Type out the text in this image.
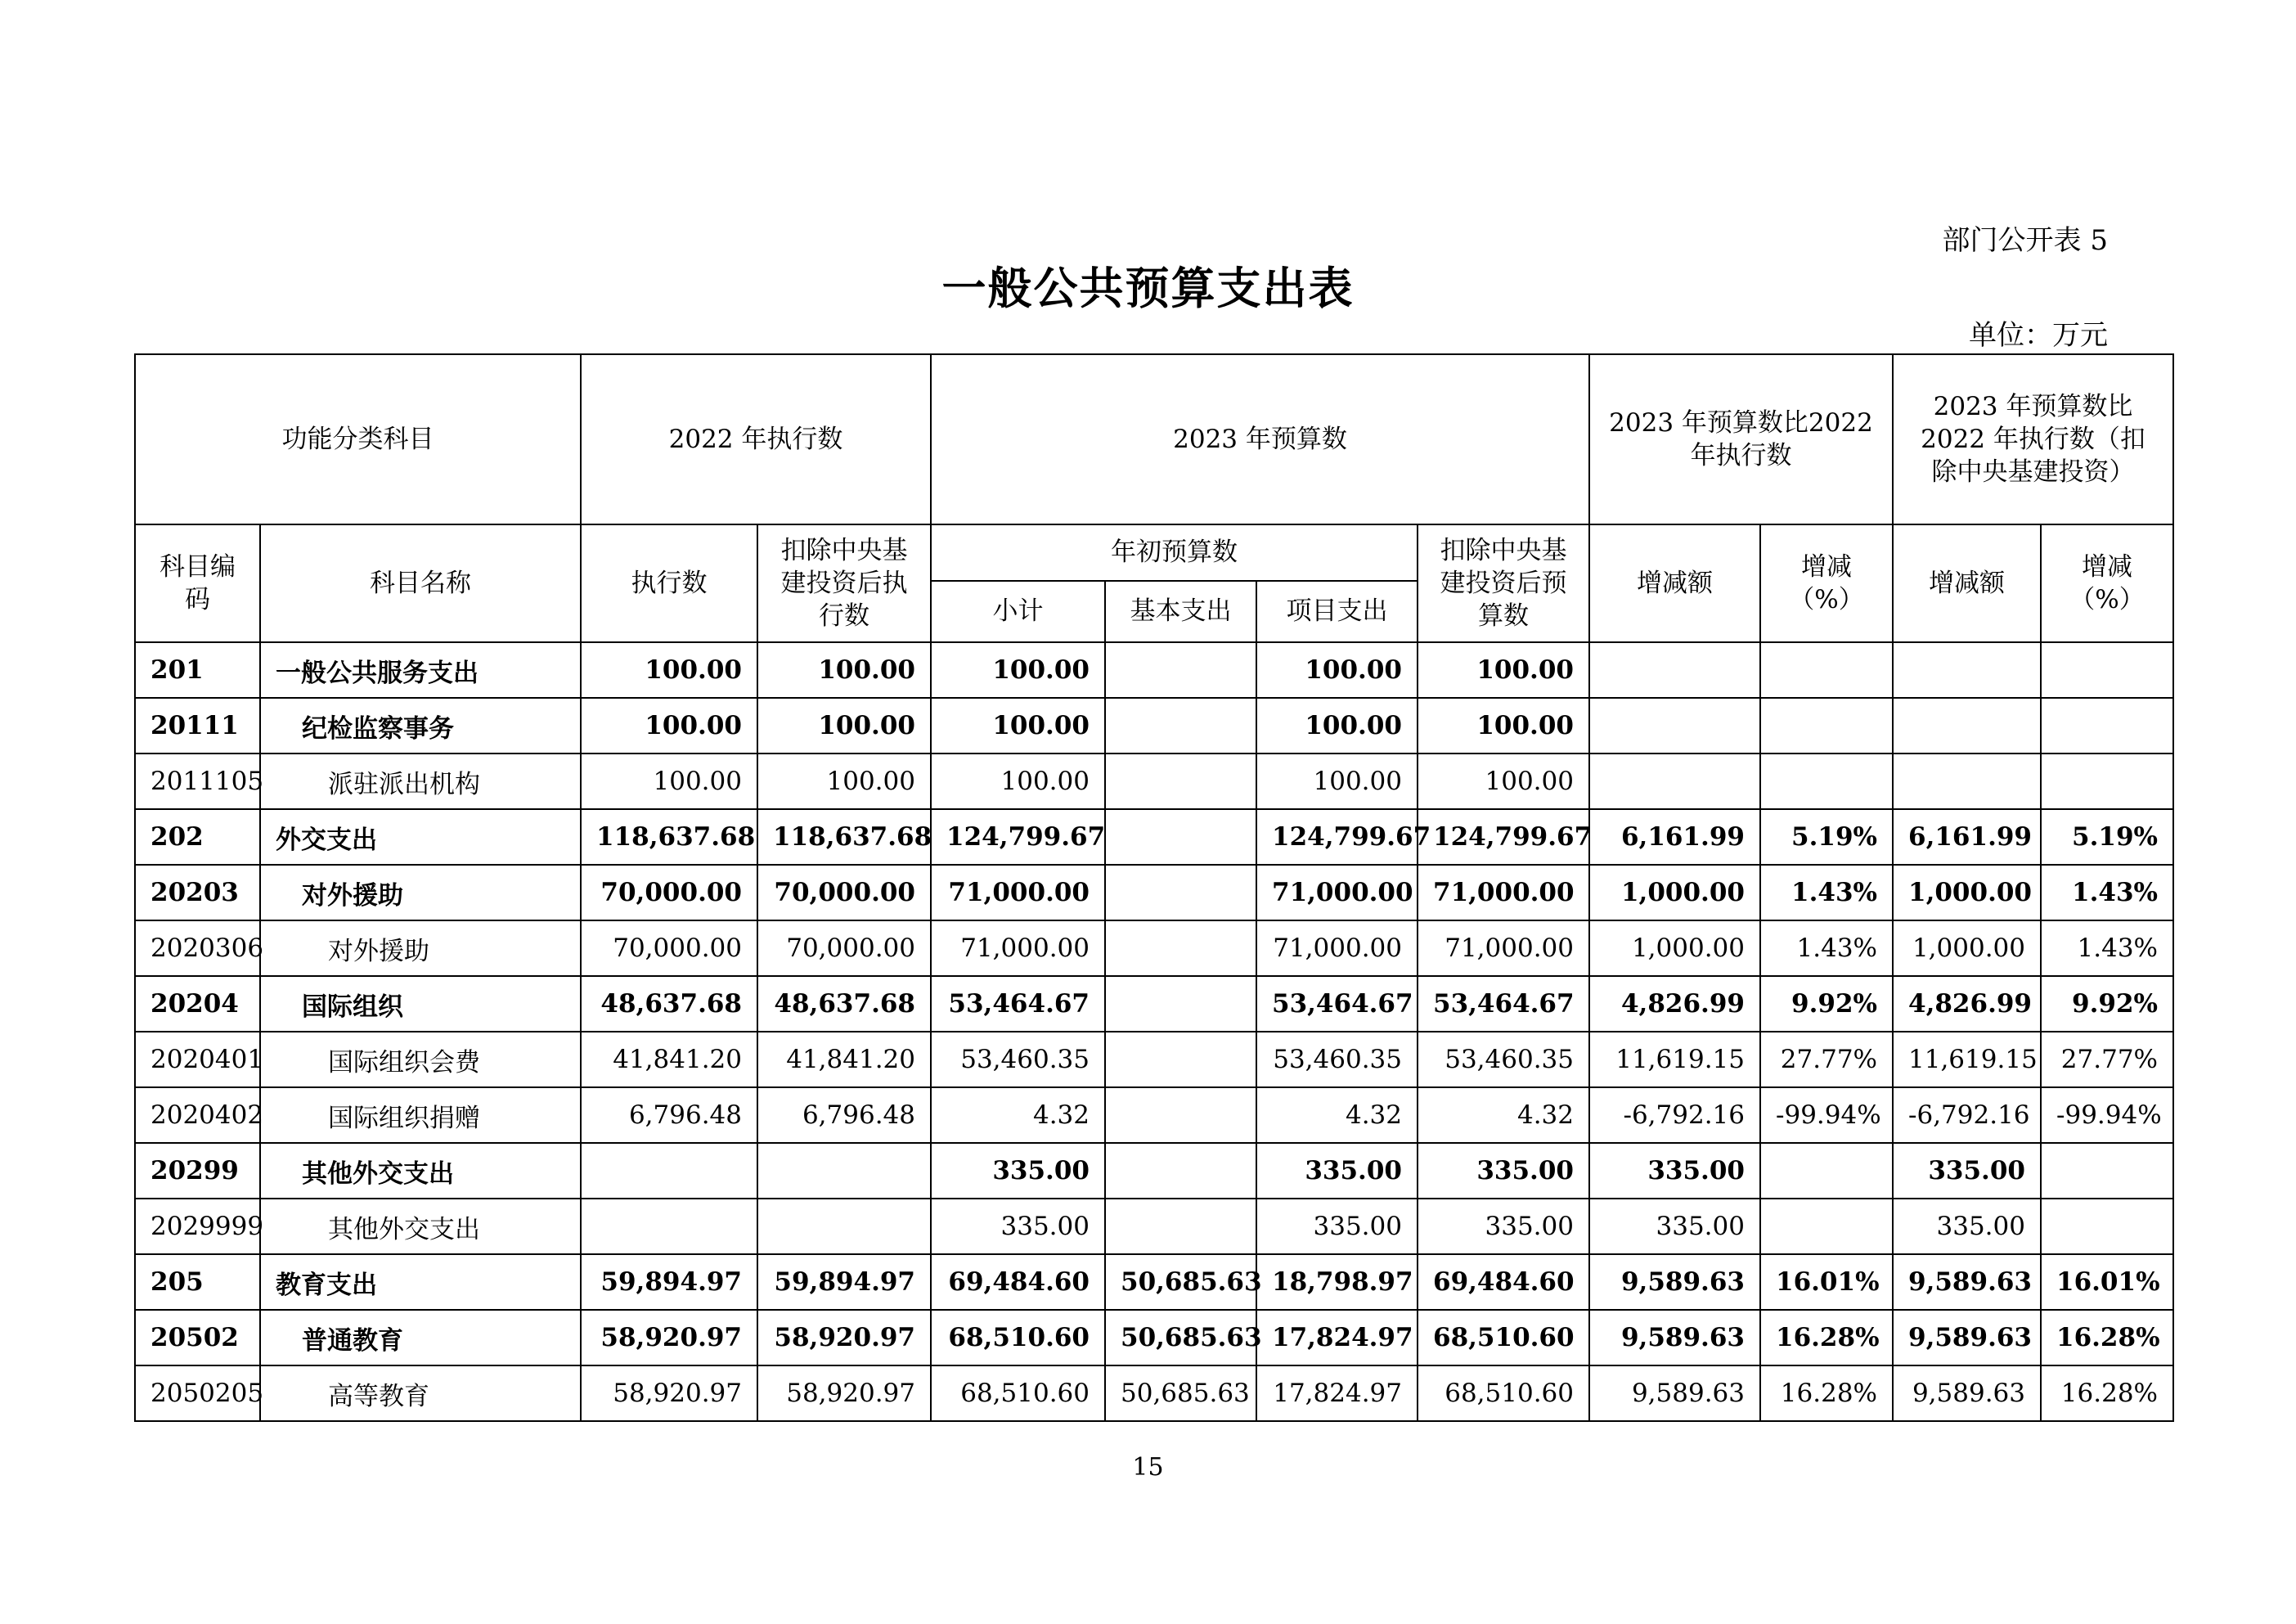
部门公开表 5
一般公共预算支出表
单位：万元
功能分类科目		2022 年执行数		2023 年预算数				2023 年预算数比2022 年执行数		2023 年预算数比2022 年执行数（扣除中央基建投资）	
科目编码	科目名称	执行数	扣除中央基建投资后执行数	年初预算数			扣除中央基建投资后预算数	增减额	增减（%）	增减额	增减（%）
				小计	基本支出	项目支出					
201	一般公共服务支出	100.00	100.00	100.00		100.00	100.00				
20111	纪检监察事务	100.00	100.00	100.00		100.00	100.00				
2011105	派驻派出机构	100.00	100.00	100.00		100.00	100.00				
202	外交支出	118,637.68	118,637.68	124,799.67		124,799.67	124,799.67	6,161.99	5.19%	6,161.99	5.19%
20203	对外援助	70,000.00	70,000.00	71,000.00		71,000.00	71,000.00	1,000.00	1.43%	1,000.00	1.43%
2020306	对外援助	70,000.00	70,000.00	71,000.00		71,000.00	71,000.00	1,000.00	1.43%	1,000.00	1.43%
20204	国际组织	48,637.68	48,637.68	53,464.67		53,464.67	53,464.67	4,826.99	9.92%	4,826.99	9.92%
2020401	国际组织会费	41,841.20	41,841.20	53,460.35		53,460.35	53,460.35	11,619.15	27.77%	11,619.15	27.77%
2020402	国际组织捐赠	6,796.48	6,796.48	4.32		4.32	4.32	-6,792.16	-99.94%	-6,792.16	-99.94%
20299	其他外交支出			335.00		335.00	335.00	335.00		335.00	
2029999	其他外交支出			335.00		335.00	335.00	335.00		335.00	
205	教育支出	59,894.97	59,894.97	69,484.60	50,685.63	18,798.97	69,484.60	9,589.63	16.01%	9,589.63	16.01%
20502	普通教育	58,920.97	58,920.97	68,510.60	50,685.63	17,824.97	68,510.60	9,589.63	16.28%	9,589.63	16.28%
2050205	高等教育	58,920.97	58,920.97	68,510.60	50,685.63	17,824.97	68,510.60	9,589.63	16.28%	9,589.63	16.28%
15
